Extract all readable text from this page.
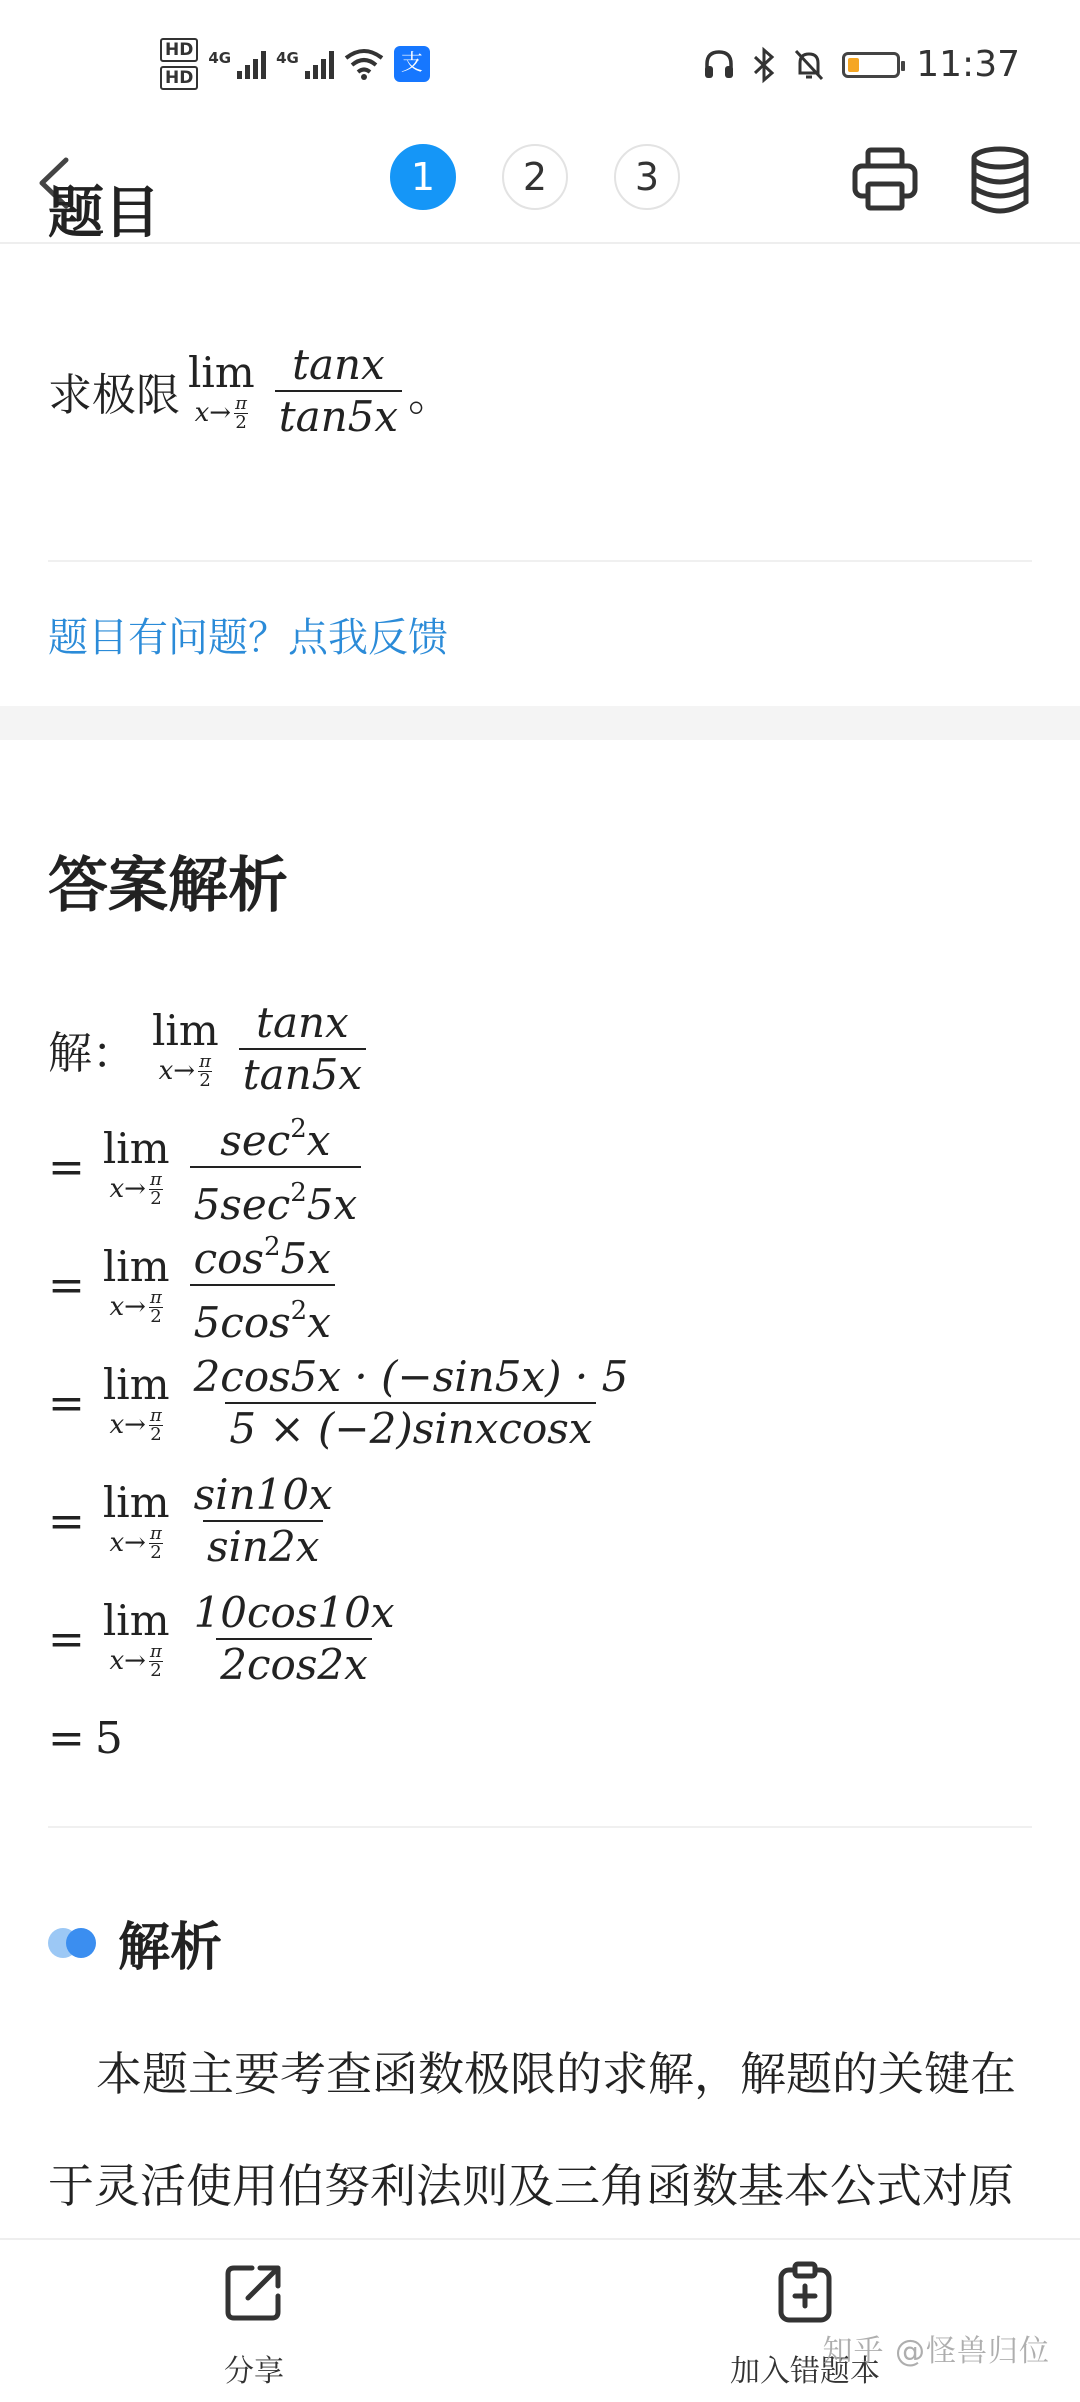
HD
HD
4G	4G	支	11:37
1	2	3
题目
求极限 lim
x→ π
$2 \frac{\tan x}{\tan 5x}$ 。
题目有问题？点我反馈
答案解析
解： lim
x→ π
$2 \frac{\tan x}{\tan 5x}$
= lim
x→ π
$2 \frac{\sec^2x}{5\sec^25x}$
= lim
x→ π
$2 \frac{\cos^25x}{5\cos^2x}$
= lim
x→ π
$2 \frac{2\cos 5x \cdot (-\sin 5x) \cdot 5}{\text{5 × (−2)sinxcosx}}$
= lim
x→ π
$2 \frac{\sin 10x}{\sin 2x}$
= lim
x→ π
$2 \frac{10\cos 10x}{2\cos 2x}$
= 5
解析
本题主要考查函数极限的求解，解题的关键在于灵活使用伯努利法则及三角函数基本公式对原
分享	加入错题本
知乎 @怪兽归位
